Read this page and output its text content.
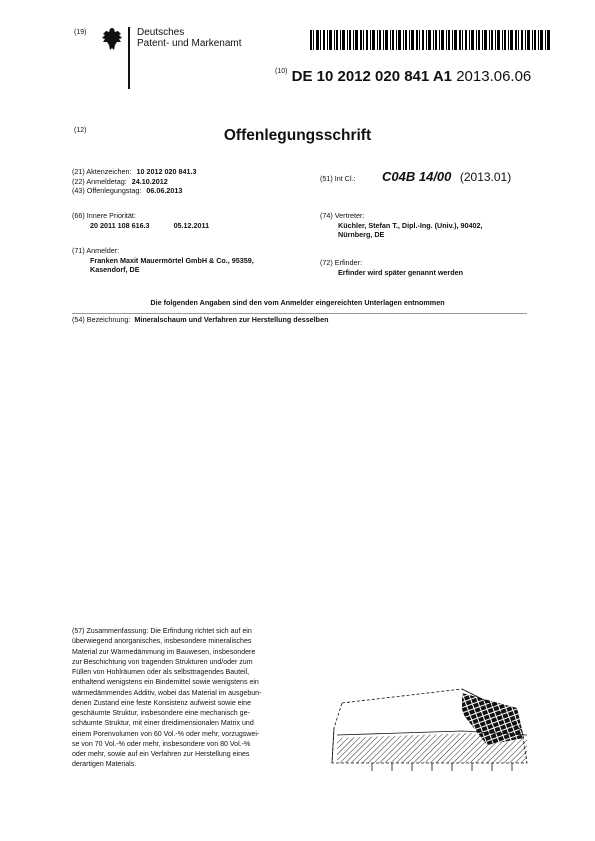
(19)	Deutsches
Patent- und Markenamt
$^{(10)}$ DE 10 2012 020 841 A1 2013.06.06
(12)	Offenlegungsschrift
(21) Aktenzeichen: 10 2012 020 841.3
(22) Anmeldetag: 24.10.2012
(43) Offenlegungstag: 06.06.2013
(51) Int Cl.: C04B 14/00 (2013.01)
(66) Innere Priorität:
20 2011 108 616.3	05.12.2011
(74) Vertreter:
Küchler, Stefan T., Dipl.-Ing. (Univ.), 90402,
Nürnberg, DE
(71) Anmelder:
Franken Maxit Mauermörtel GmbH & Co., 95359,
Kasendorf, DE
(72) Erfinder:
Erfinder wird später genannt werden
Die folgenden Angaben sind den vom Anmelder eingereichten Unterlagen entnommen
(54) Bezeichnung: Mineralschaum und Verfahren zur Herstellung desselben
(57) Zusammenfassung: Die Erfindung richtet sich auf ein
überwiegend anorganisches, insbesondere mineralisches
Material zur Wärmedämmung im Bauwesen, insbesondere
zur Beschichtung von tragenden Strukturen und/oder zum
Füllen von Hohlräumen oder als selbsttragendes Bauteil,
enthaltend wenigstens ein Bindemittel sowie wenigstens ein
wärmedämmendes Additiv, wobei das Material im ausgebun-
denen Zustand eine feste Konsistenz aufweist sowie eine
geschäumte Struktur, insbesondere eine mechanisch ge-
schäumte Struktur, mit einer dreidimensionalen Matrix und
einem Porenvolumen von 60 Vol.-% oder mehr, vorzugswei-
se von 70 Vol.-% oder mehr, insbesondere von 80 Vol.-%
oder mehr, sowie auf ein Verfahren zur Herstellung eines
derartigen Materials.
